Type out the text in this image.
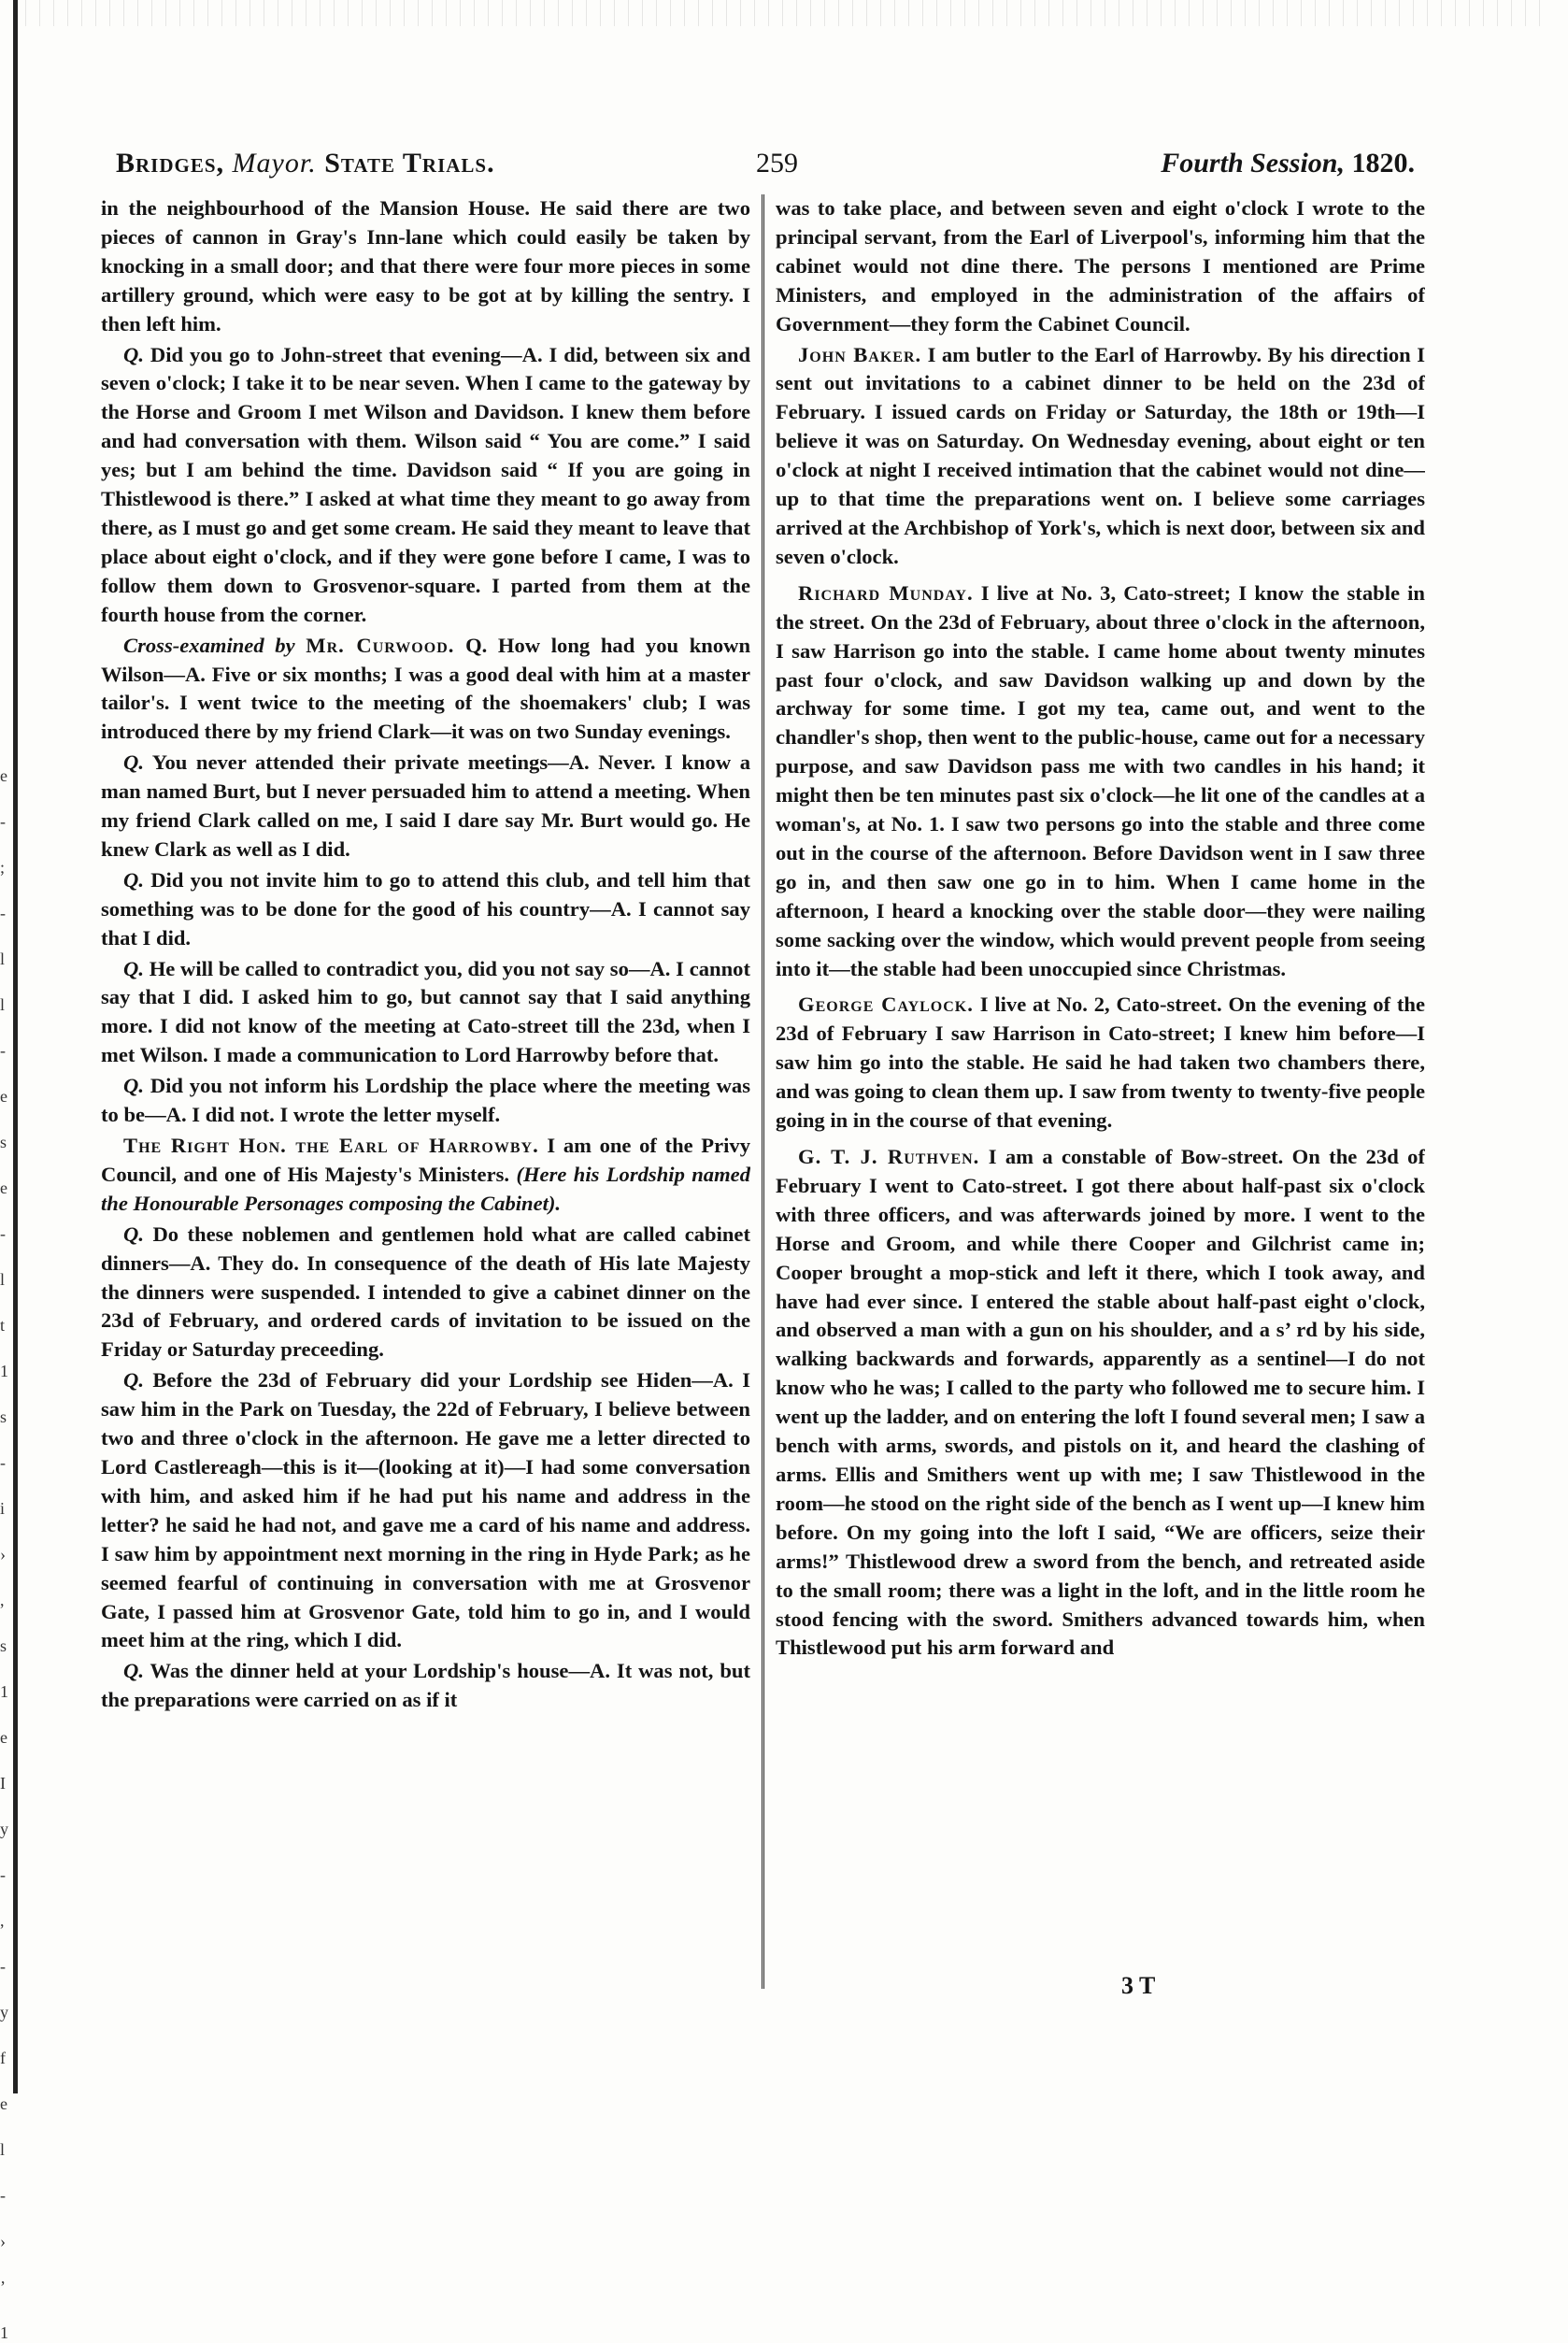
e
-
;
-
l
l
-
e
s
e
-
l
t
1
s
-
i
›
,
s
1
e
I
y
-
,
-
y
f
e
l
-
›
’
1
Bridges, Mayor. State Trials.	259	Fourth Session, 1820.

in the neighbourhood of the Mansion House. He said there are two pieces of cannon in Gray's Inn-lane which could easily be taken by knocking in a small door; and that there were four more pieces in some artillery ground, which were easy to be got at by killing the sentry. I then left him.

Q. Did you go to John-street that evening—A. I did, between six and seven o'clock; I take it to be near seven. When I came to the gateway by the Horse and Groom I met Wilson and Davidson. I knew them before and had conversation with them. Wilson said “ You are come.” I said yes; but I am behind the time. Davidson said “ If you are going in Thistlewood is there.” I asked at what time they meant to go away from there, as I must go and get some cream. He said they meant to leave that place about eight o'clock, and if they were gone before I came, I was to follow them down to Grosvenor-square. I parted from them at the fourth house from the corner.

Cross-examined by Mr. Curwood. Q. How long had you known Wilson—A. Five or six months; I was a good deal with him at a master tailor's. I went twice to the meeting of the shoemakers' club; I was introduced there by my friend Clark—it was on two Sunday evenings.

Q. You never attended their private meetings—A. Never. I know a man named Burt, but I never persuaded him to attend a meeting. When my friend Clark called on me, I said I dare say Mr. Burt would go. He knew Clark as well as I did.

Q. Did you not invite him to go to attend this club, and tell him that something was to be done for the good of his country—A. I cannot say that I did.

Q. He will be called to contradict you, did you not say so—A. I cannot say that I did. I asked him to go, but cannot say that I said anything more. I did not know of the meeting at Cato-street till the 23d, when I met Wilson. I made a communication to Lord Harrowby before that.

Q. Did you not inform his Lordship the place where the meeting was to be—A. I did not. I wrote the letter myself.

The Right Hon. the Earl of Harrowby. I am one of the Privy Council, and one of His Majesty's Ministers. (Here his Lordship named the Honourable Personages composing the Cabinet).

Q. Do these noblemen and gentlemen hold what are called cabinet dinners—A. They do. In consequence of the death of His late Majesty the dinners were suspended. I intended to give a cabinet dinner on the 23d of February, and ordered cards of invitation to be issued on the Friday or Saturday preceeding.

Q. Before the 23d of February did your Lordship see Hiden—A. I saw him in the Park on Tuesday, the 22d of February, I believe between two and three o'clock in the afternoon. He gave me a letter directed to Lord Castlereagh—this is it—(looking at it)—I had some conversation with him, and asked him if he had put his name and address in the letter? he said he had not, and gave me a card of his name and address. I saw him by appointment next morning in the ring in Hyde Park; as he seemed fearful of continuing in conversation with me at Grosvenor Gate, I passed him at Grosvenor Gate, told him to go in, and I would meet him at the ring, which I did.

Q. Was the dinner held at your Lordship's house—A. It was not, but the preparations were carried on as if it

was to take place, and between seven and eight o'clock I wrote to the principal servant, from the Earl of Liverpool's, informing him that the cabinet would not dine there. The persons I mentioned are Prime Ministers, and employed in the administration of the affairs of Government—they form the Cabinet Council.

John Baker. I am butler to the Earl of Harrowby. By his direction I sent out invitations to a cabinet dinner to be held on the 23d of February. I issued cards on Friday or Saturday, the 18th or 19th—I believe it was on Saturday. On Wednesday evening, about eight or ten o'clock at night I received intimation that the cabinet would not dine—up to that time the preparations went on. I believe some carriages arrived at the Archbishop of York's, which is next door, between six and seven o'clock.

Richard Munday. I live at No. 3, Cato-street; I know the stable in the street. On the 23d of February, about three o'clock in the afternoon, I saw Harrison go into the stable. I came home about twenty minutes past four o'clock, and saw Davidson walking up and down by the archway for some time. I got my tea, came out, and went to the chandler's shop, then went to the public-house, came out for a necessary purpose, and saw Davidson pass me with two candles in his hand; it might then be ten minutes past six o'clock—he lit one of the candles at a woman's, at No. 1. I saw two persons go into the stable and three come out in the course of the afternoon. Before Davidson went in I saw three go in, and then saw one go in to him. When I came home in the afternoon, I heard a knocking over the stable door—they were nailing some sacking over the window, which would prevent people from seeing into it—the stable had been unoccupied since Christmas.

George Caylock. I live at No. 2, Cato-street. On the evening of the 23d of February I saw Harrison in Cato-street; I knew him before—I saw him go into the stable. He said he had taken two chambers there, and was going to clean them up. I saw from twenty to twenty-five people going in in the course of that evening.

G. T. J. Ruthven. I am a constable of Bow-street. On the 23d of February I went to Cato-street. I got there about half-past six o'clock with three officers, and was afterwards joined by more. I went to the Horse and Groom, and while there Cooper and Gilchrist came in; Cooper brought a mop-stick and left it there, which I took away, and have had ever since. I entered the stable about half-past eight o'clock, and observed a man with a gun on his shoulder, and a s’ rd by his side, walking backwards and forwards, apparently as a sentinel—I do not know who he was; I called to the party who followed me to secure him. I went up the ladder, and on entering the loft I found several men; I saw a bench with arms, swords, and pistols on it, and heard the clashing of arms. Ellis and Smithers went up with me; I saw Thistlewood in the room—he stood on the right side of the bench as I went up—I knew him before. On my going into the loft I said, “We are officers, seize their arms!” Thistlewood drew a sword from the bench, and retreated aside to the small room; there was a light in the loft, and in the little room he stood fencing with the sword. Smithers advanced towards him, when Thistlewood put his arm forward and

3 T
